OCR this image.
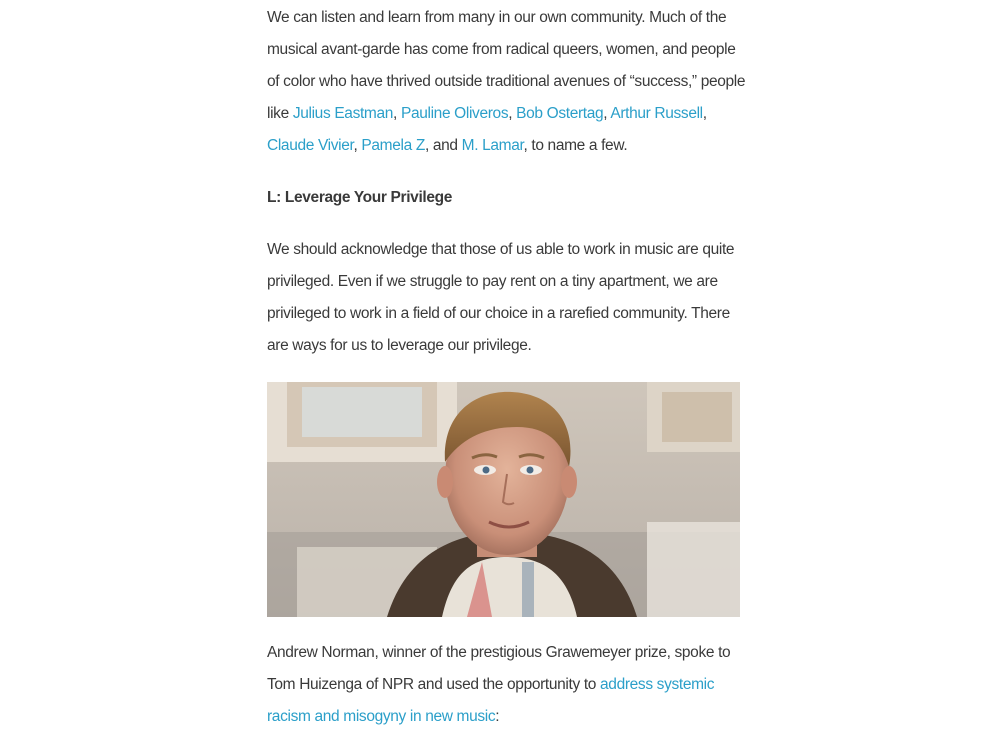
We can listen and learn from many in our own community. Much of the musical avant-garde has come from radical queers, women, and people of color who have thrived outside traditional avenues of “success,” people like Julius Eastman, Pauline Oliveros, Bob Ostertag, Arthur Russell, Claude Vivier, Pamela Z, and M. Lamar, to name a few.

L: Leverage Your Privilege

We should acknowledge that those of us able to work in music are quite privileged. Even if we struggle to pay rent on a tiny apartment, we are privileged to work in a field of our choice in a rarefied community. There are ways for us to leverage our privilege.

Andrew Norman, winner of the prestigious Grawemeyer prize, spoke to Tom Huizenga of NPR and used the opportunity to address systemic racism and misogyny in new music:
